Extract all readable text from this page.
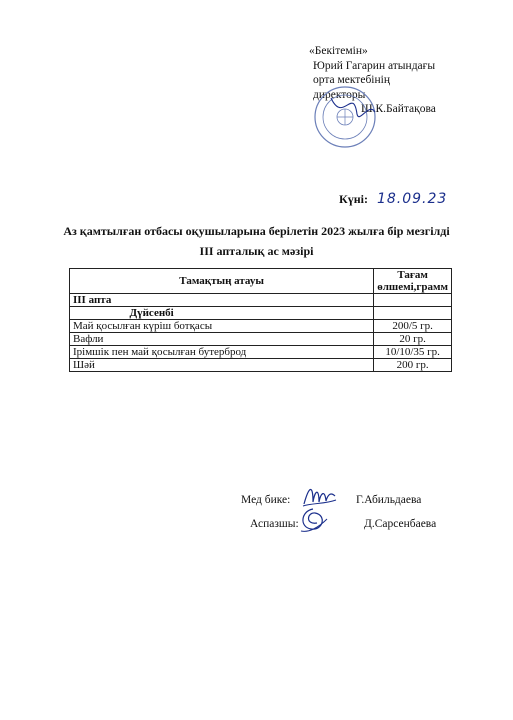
«Бекітемін»
Юрий Гагарин атындағы
орта мектебінің
директоры
Ш.К.Байтақова
Күні: 18.09.23
Аз қамтылған отбасы оқушыларына берілетін 2023 жылға бір мезгілді
III апталық ас мәзірі
Тамақтың атауы	Тағам өлшемі,грамм
III апта	
Дүйсенбі	
Май қосылған күріш ботқасы	200/5 гр.
Вафли	20 гр.
Ірімшік пен май қосылған бутерброд	10/10/35 гр.
Шәй	200 гр.
Мед бике:	Г.Абильдаева
Аспазшы:	Д.Сарсенбаева
